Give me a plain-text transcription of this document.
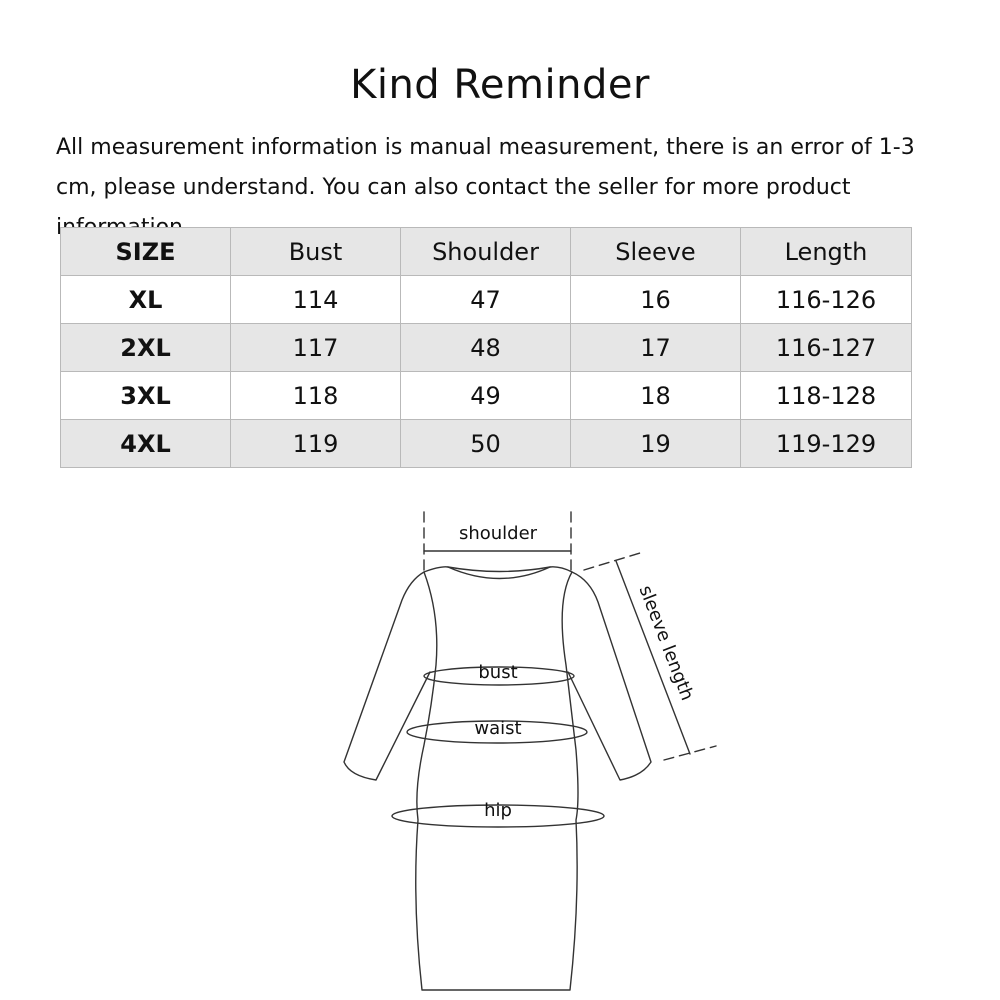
Kind Reminder

All measurement information is manual measurement, there is an error of 1-3 cm, please understand. You can also contact the seller for more product information.

SIZE	Bust	Shoulder	Sleeve	Length
XL	114	47	16	116-126
2XL	117	48	17	116-127
3XL	118	49	18	118-128
4XL	119	50	19	119-129
shoulder
bust
waist
hip
sleeve length
